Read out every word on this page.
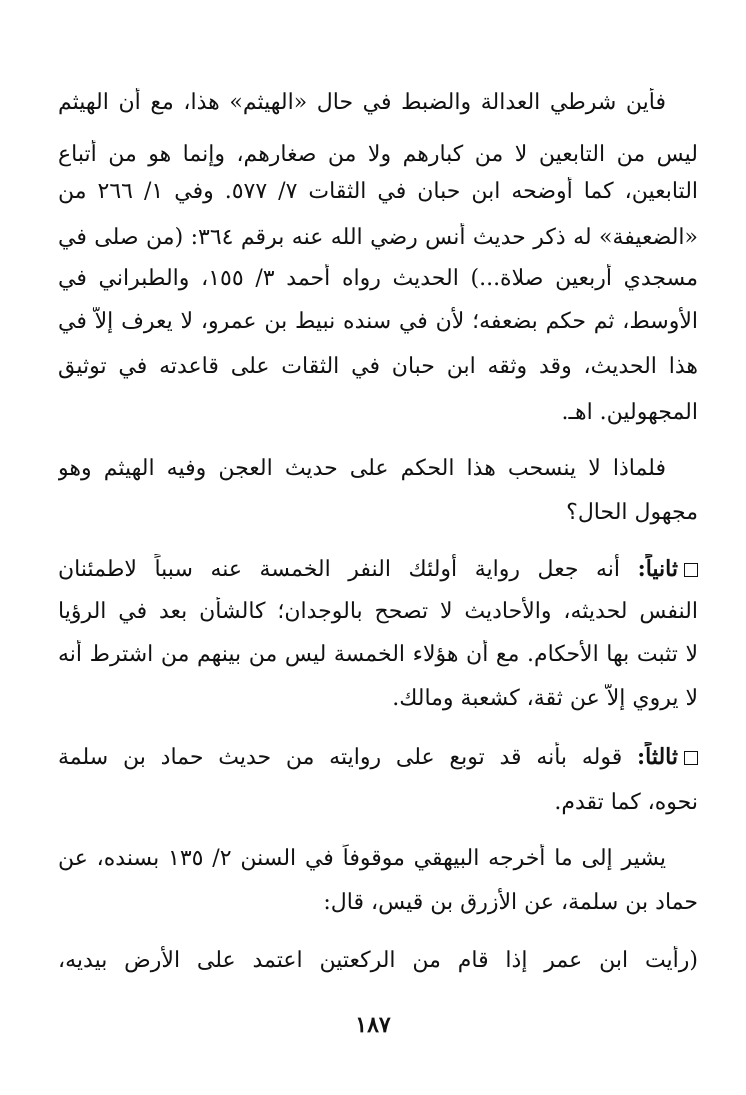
فأين شرطي العدالة والضبط في حال «الهيثم» هذا، مع أن الهيثم
ليس من التابعين لا من كبارهم ولا من صغارهم، وإنما هو من أتباع
التابعين، كما أوضحه ابن حبان في الثقات ٧/ ٥٧٧. وفي ١/ ٢٦٦ من
«الضعيفة» له ذكر حديث أنس رضي الله عنه برقم ٣٦٤: (من صلى في
مسجدي أربعين صلاة...) الحديث رواه أحمد ٣/ ١٥٥، والطبراني في
الأوسط، ثم حكم بضعفه؛ لأن في سنده نبيط بن عمرو، لا يعرف إلاّ في
هذا الحديث، وقد وثقه ابن حبان في الثقات على قاعدته في توثيق
المجهولين. اهـ.
فلماذا لا ينسحب هذا الحكم على حديث العجن وفيه الهيثم وهو
مجهول الحال؟
ثانياً: أنه جعل رواية أولئك النفر الخمسة عنه سبباً لاطمئنان
النفس لحديثه، والأحاديث لا تصحح بالوجدان؛ كالشأن بعد في الرؤيا
لا تثبت بها الأحكام. مع أن هؤلاء الخمسة ليس من بينهم من اشترط أنه
لا يروي إلاّ عن ثقة، كشعبة ومالك.
ثالثاً: قوله بأنه قد توبع على روايته من حديث حماد بن سلمة
نحوه، كما تقدم.
يشير إلى ما أخرجه البيهقي موقوفاً في السنن ٢/ ١٣٥ بسنده، عن
حماد بن سلمة، عن الأزرق بن قيس، قال:
(رأيت ابن عمر إذا قام من الركعتين اعتمد على الأرض بيديه،
١٨٧
